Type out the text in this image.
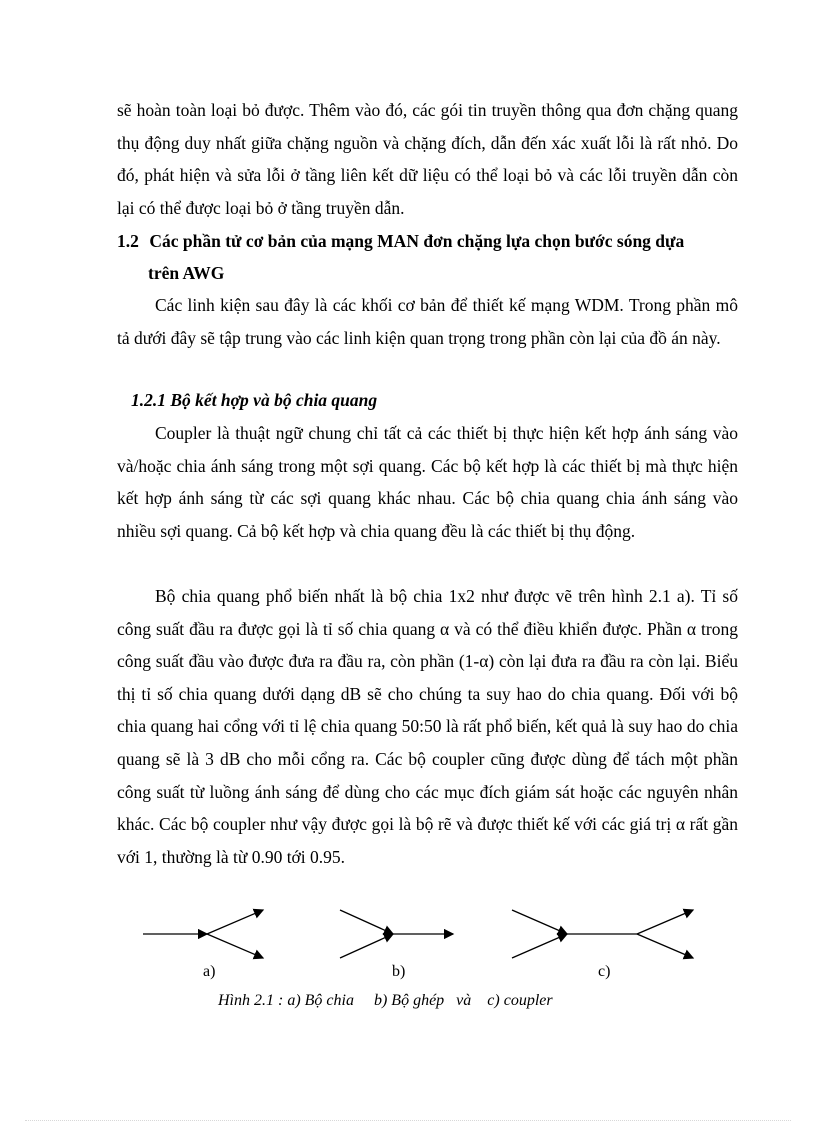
sẽ hoàn toàn loại bỏ được. Thêm vào đó, các gói tin truyền thông qua đơn chặng quang thụ động duy nhất giữa chặng nguồn và chặng đích, dẫn đến xác xuất lỗi là rất nhỏ. Do đó, phát hiện và sửa lỗi ở tầng liên kết dữ liệu có thể loại bỏ và các lỗi truyền dẫn còn lại có thể được loại bỏ ở tầng truyền dẫn.

1.2 Các phần tử cơ bản của mạng MAN đơn chặng lựa chọn bước sóng dựa
trên AWG

Các linh kiện sau đây là các khối cơ bản để thiết kế mạng WDM. Trong phần mô tả dưới đây sẽ tập trung vào các linh kiện quan trọng trong phần còn lại của đồ án này.

1.2.1 Bộ kết hợp và bộ chia quang

Coupler là thuật ngữ chung chỉ tất cả các thiết bị thực hiện kết hợp ánh sáng vào và/hoặc chia ánh sáng trong một sợi quang. Các bộ kết hợp là các thiết bị mà thực hiện kết hợp ánh sáng từ các sợi quang khác nhau. Các bộ chia quang chia ánh sáng vào nhiều sợi quang. Cả bộ kết hợp và chia quang đều là các thiết bị thụ động.

Bộ chia quang phổ biến nhất là bộ chia 1x2 như được vẽ trên hình 2.1 a). Tỉ số công suất đầu ra được gọi là tỉ số chia quang α và có thể điều khiển được. Phần α trong công suất đầu vào được đưa ra đầu ra, còn phần (1-α) còn lại đưa ra đầu ra còn lại. Biểu thị tỉ số chia quang dưới dạng dB sẽ cho chúng ta suy hao do chia quang. Đối với bộ chia quang hai cổng với tỉ lệ chia quang 50:50 là rất phổ biến, kết quả là suy hao do chia quang sẽ là 3 dB cho mỗi cổng ra. Các bộ coupler cũng được dùng để tách một phần công suất từ luồng ánh sáng để dùng cho các mục đích giám sát hoặc các nguyên nhân khác. Các bộ coupler như vậy được gọi là bộ rẽ và được thiết kế với các giá trị α rất gần với 1, thường là từ 0.90 tới 0.95.

a)	b)	c)
Hình 2.1 : a) Bộ chia     b) Bộ ghép   và    c) coupler
